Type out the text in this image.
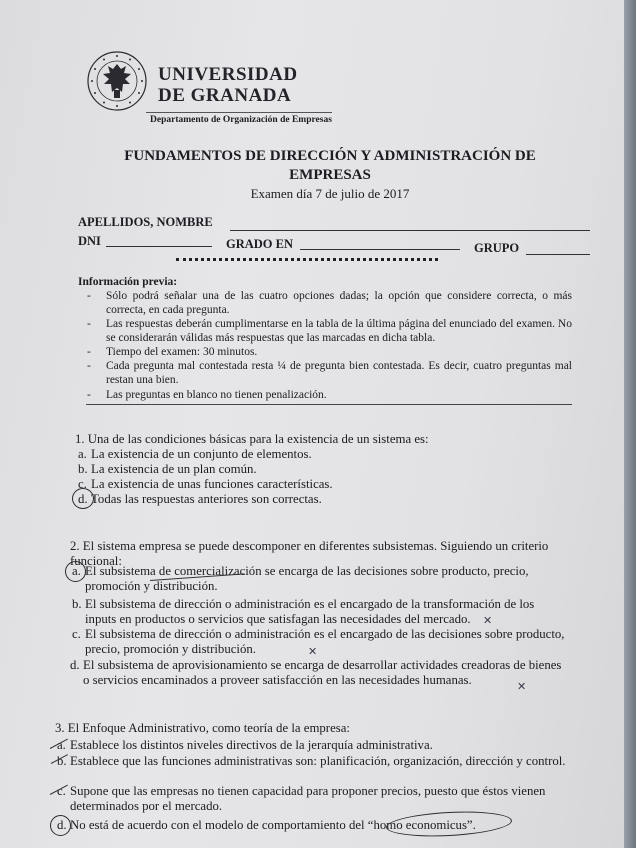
UNIVERSIDAD
DE GRANADA
Departamento de Organización de Empresas
FUNDAMENTOS DE DIRECCIÓN Y ADMINISTRACIÓN DE
EMPRESAS
Examen día 7 de julio de 2017
APELLIDOS, NOMBRE
DNI	GRADO EN	GRUPO
Información previa:
-	Sólo podrá señalar una de las cuatro opciones dadas; la opción que considere correcta, o más correcta, en cada pregunta.
-	Las respuestas deberán cumplimentarse en la tabla de la última página del enunciado del examen. No se considerarán válidas más respuestas que las marcadas en dicha tabla.
-	Tiempo del examen: 30 minutos.
-	Cada pregunta mal contestada resta ¼ de pregunta bien contestada. Es decir, cuatro preguntas mal restan una bien.
-	Las preguntas en blanco no tienen penalización.
1. Una de las condiciones básicas para la existencia de un sistema es:
a. La existencia de un conjunto de elementos.
b. La existencia de un plan común.
c. La existencia de unas funciones características.
d. Todas las respuestas anteriores son correctas.
2. El sistema empresa se puede descomponer en diferentes subsistemas. Siguiendo un criterio funcional:
a. El subsistema de comercialización se encarga de las decisiones sobre producto, precio, promoción y distribución.
b. El subsistema de dirección o administración es el encargado de la transformación de los inputs en productos o servicios que satisfagan las necesidades del mercado.	✕
c. El subsistema de dirección o administración es el encargado de las decisiones sobre producto, precio, promoción y distribución.	✕
d. El subsistema de aprovisionamiento se encarga de desarrollar actividades creadoras de bienes o servicios encaminados a proveer satisfacción en las necesidades humanas.	✕
3. El Enfoque Administrativo, como teoría de la empresa:
a. Establece los distintos niveles directivos de la jerarquía administrativa.
b. Establece que las funciones administrativas son: planificación, organización, dirección y control.
c. Supone que las empresas no tienen capacidad para proponer precios, puesto que éstos vienen determinados por el mercado.
d. No está de acuerdo con el modelo de comportamiento del “homo economicus”.
